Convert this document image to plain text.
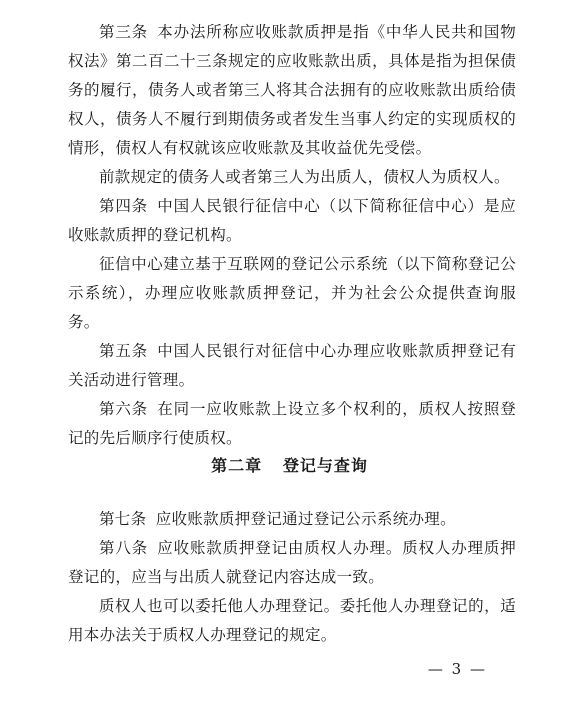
第三条 本办法所称应收账款质押是指《中华人民共和国物权法》第二百二十三条规定的应收账款出质，具体是指为担保债务的履行，债务人或者第三人将其合法拥有的应收账款出质给债权人，债务人不履行到期债务或者发生当事人约定的实现质权的情形，债权人有权就该应收账款及其收益优先受偿。

前款规定的债务人或者第三人为出质人，债权人为质权人。

第四条 中国人民银行征信中心（以下简称征信中心）是应收账款质押的登记机构。

征信中心建立基于互联网的登记公示系统（以下简称登记公示系统），办理应收账款质押登记，并为社会公众提供查询服务。

第五条 中国人民银行对征信中心办理应收账款质押登记有关活动进行管理。

第六条 在同一应收账款上设立多个权利的，质权人按照登记的先后顺序行使质权。

第二章 登记与查询

第七条 应收账款质押登记通过登记公示系统办理。

第八条 应收账款质押登记由质权人办理。质权人办理质押登记的，应当与出质人就登记内容达成一致。

质权人也可以委托他人办理登记。委托他人办理登记的，适用本办法关于质权人办理登记的规定。

— 3 —
